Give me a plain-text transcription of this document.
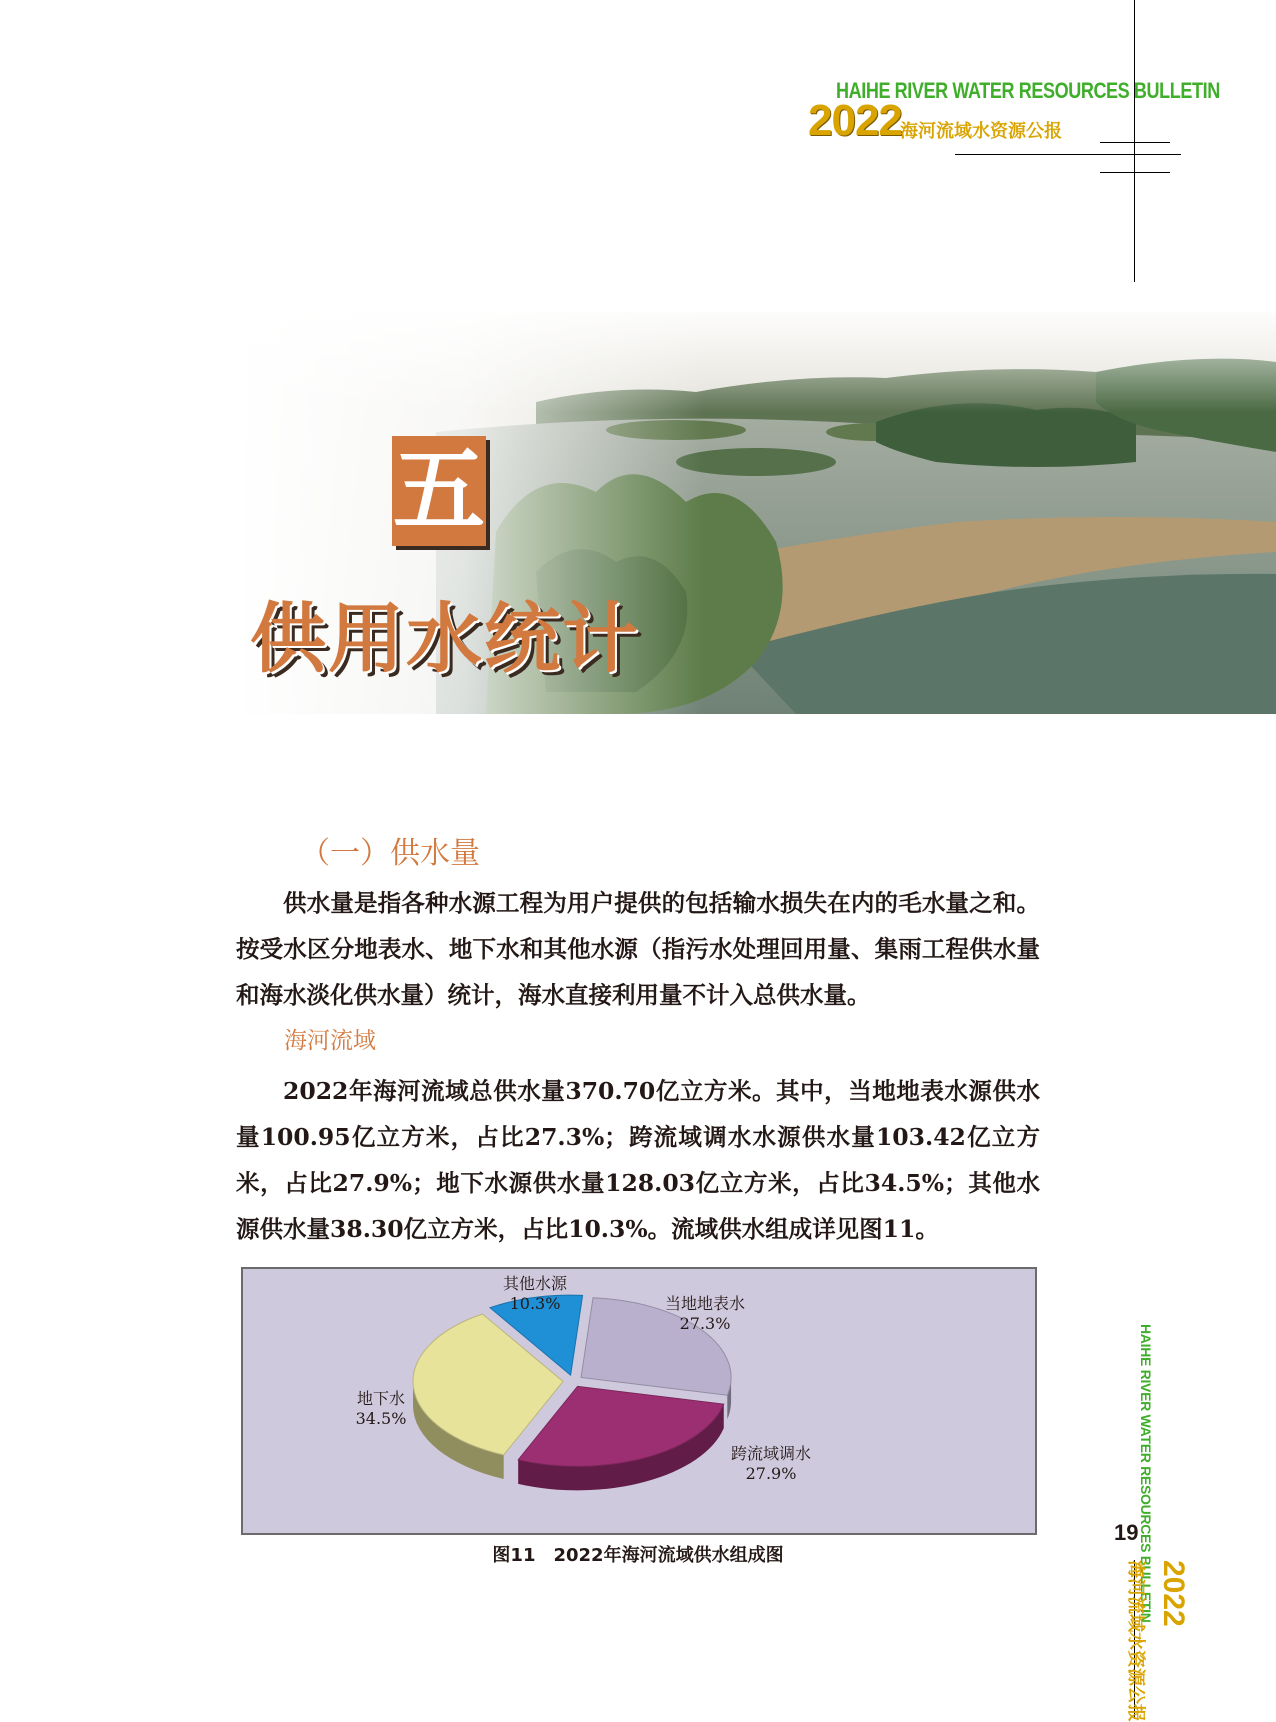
HAIHE RIVER WATER RESOURCES BULLETIN
2022
海河流域水资源公报
五
供用水统计
（一）供水量
供水量是指各种水源工程为用户提供的包括输水损失在内的毛水量之和。按受水区分地表水、地下水和其他水源（指污水处理回用量、集雨工程供水量和海水淡化供水量）统计，海水直接利用量不计入总供水量。
海河流域
2022年海河流域总供水量370.70亿立方米。其中，当地地表水源供水量100.95亿立方米，占比27.3%；跨流域调水水源供水量103.42亿立方米，占比27.9%；地下水源供水量128.03亿立方米，占比34.5%；其他水源供水量38.30亿立方米，占比10.3%。流域供水组成详见图11。
当地地表水
27.3%
跨流域调水
27.9%
地下水
34.5%
其他水源
10.3%
图11　2022年海河流域供水组成图	HAIHE RIVER WATER RESOURCES BULLETIN
19
2022
海河流域水资源公报
